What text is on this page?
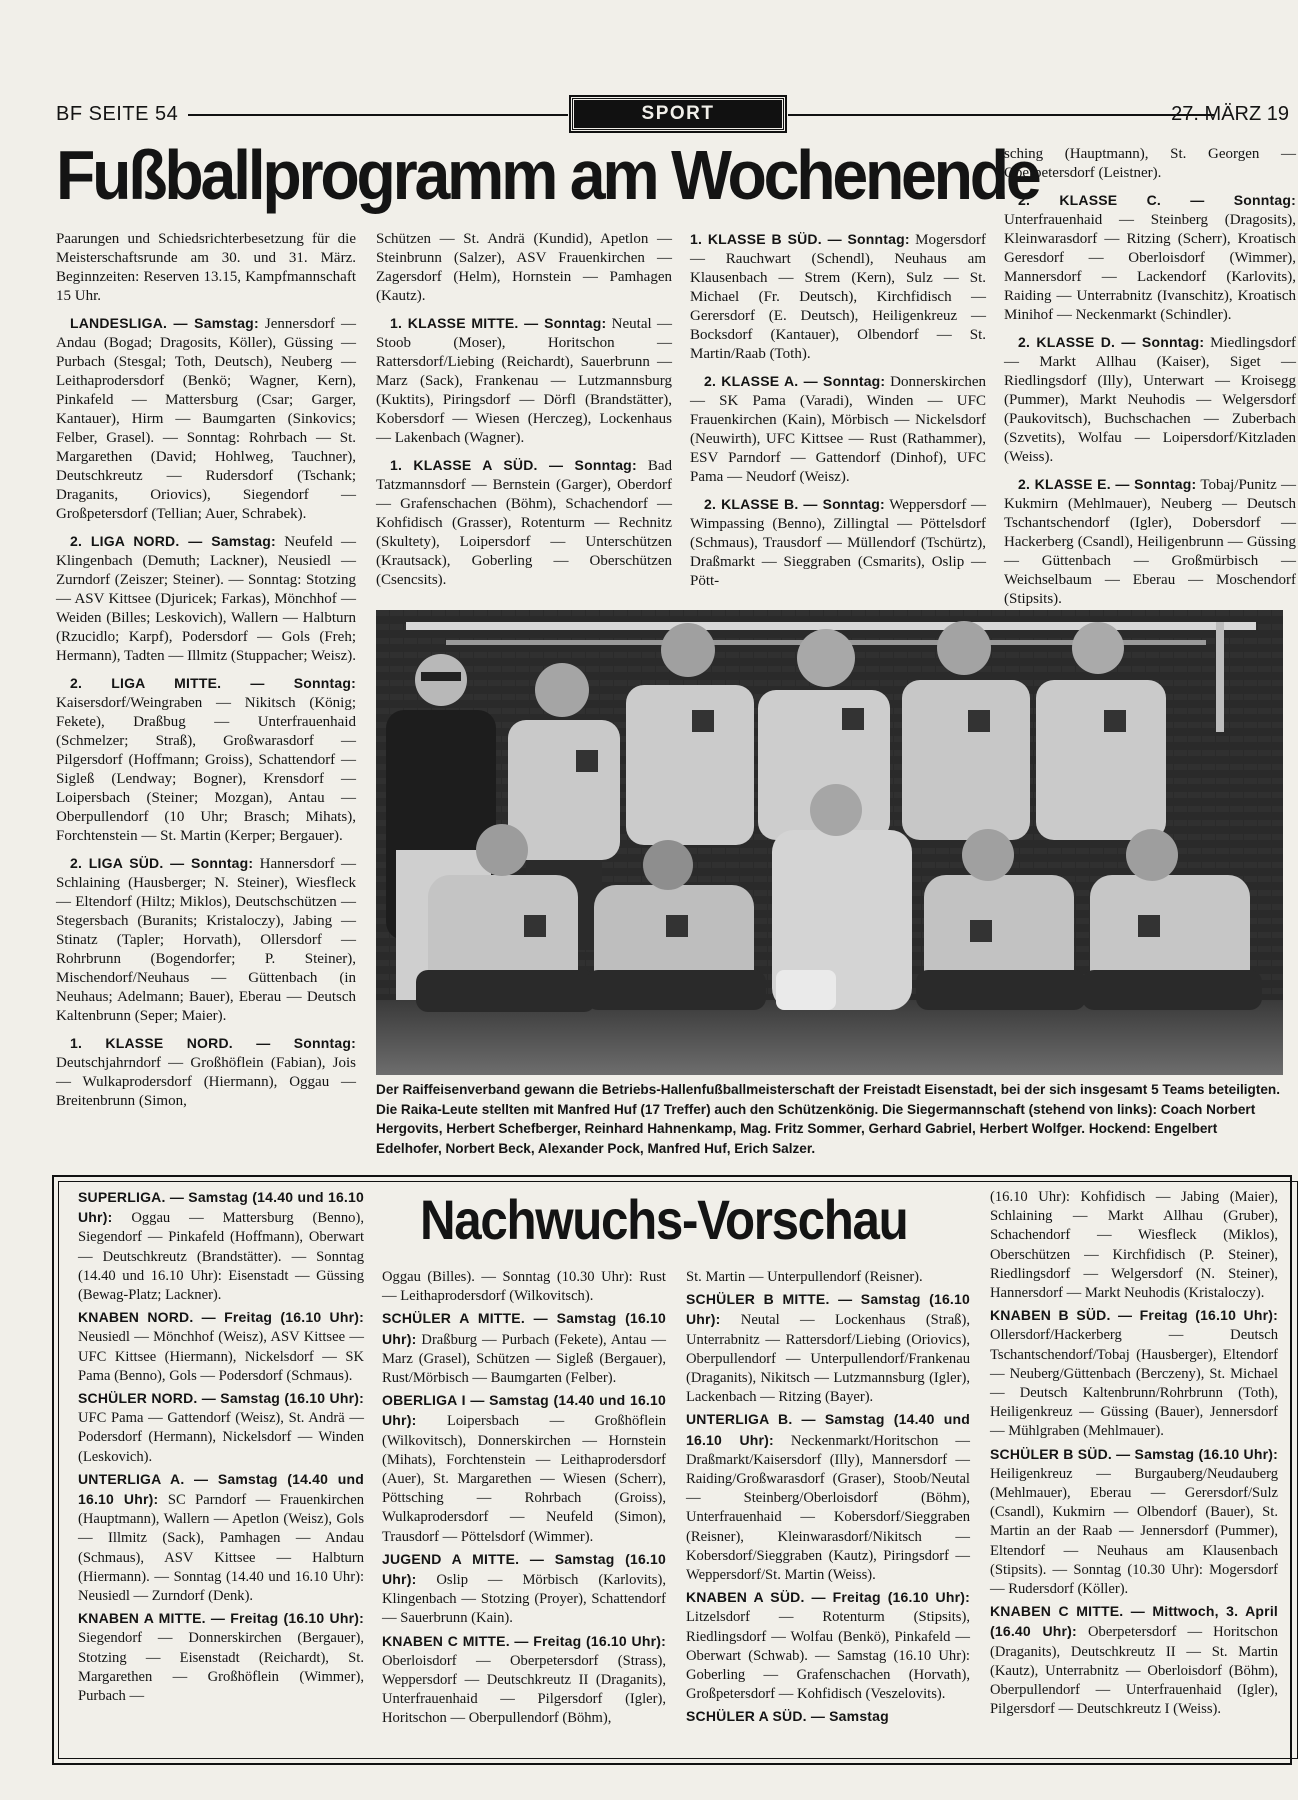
BF SEITE 54	SPORT	27. MÄRZ 19
Fußballprogramm am Wochenende

Paarungen und Schiedsrichterbesetzung für die Meisterschaftsrunde am 30. und 31. März. Beginnzeiten: Reserven 13.15, Kampfmannschaft 15 Uhr.

LANDESLIGA. — Samstag: Jennersdorf — Andau (Bogad; Dragosits, Köller), Güssing — Purbach (Stesgal; Toth, Deutsch), Neuberg — Leithaprodersdorf (Benkö; Wagner, Kern), Pinkafeld — Mattersburg (Csar; Garger, Kantauer), Hirm — Baumgarten (Sinkovics; Felber, Grasel). — Sonntag: Rohrbach — St. Margarethen (David; Hohlweg, Tauchner), Deutschkreutz — Rudersdorf (Tschank; Draganits, Oriovics), Siegendorf — Großpetersdorf (Tellian; Auer, Schrabek).

2. LIGA NORD. — Samstag: Neufeld — Klingenbach (Demuth; Lackner), Neusiedl — Zurndorf (Zeiszer; Steiner). — Sonntag: Stotzing — ASV Kittsee (Djuricek; Farkas), Mönchhof — Weiden (Billes; Leskovich), Wallern — Halbturn (Rzucidlo; Karpf), Podersdorf — Gols (Freh; Hermann), Tadten — Illmitz (Stuppacher; Weisz).

2. LIGA MITTE. — Sonntag: Kaisersdorf/Weingraben — Nikitsch (König; Fekete), Draßbug — Unterfrauenhaid (Schmelzer; Straß), Großwarasdorf — Pilgersdorf (Hoffmann; Groiss), Schattendorf — Sigleß (Lendway; Bogner), Krensdorf — Loipersbach (Steiner; Mozgan), Antau — Oberpullendorf (10 Uhr; Brasch; Mihats), Forchtenstein — St. Martin (Kerper; Bergauer).

2. LIGA SÜD. — Sonntag: Hannersdorf — Schlaining (Hausberger; N. Steiner), Wiesfleck — Eltendorf (Hiltz; Miklos), Deutschschützen — Stegersbach (Buranits; Kristaloczy), Jabing — Stinatz (Tapler; Horvath), Ollersdorf — Rohrbrunn (Bogendorfer; P. Steiner), Mischendorf/Neuhaus — Güttenbach (in Neuhaus; Adelmann; Bauer), Eberau — Deutsch Kaltenbrunn (Seper; Maier).

1. KLASSE NORD. — Sonntag: Deutschjahrndorf — Großhöflein (Fabian), Jois — Wulkaprodersdorf (Hiermann), Oggau — Breitenbrunn (Simon,

Schützen — St. Andrä (Kundid), Apetlon — Steinbrunn (Salzer), ASV Frauenkirchen — Zagersdorf (Helm), Hornstein — Pamhagen (Kautz).

1. KLASSE MITTE. — Sonntag: Neutal — Stoob (Moser), Horitschon — Rattersdorf/Liebing (Reichardt), Sauerbrunn — Marz (Sack), Frankenau — Lutzmannsburg (Kuktits), Piringsdorf — Dörfl (Brandstätter), Kobersdorf — Wiesen (Herczeg), Lockenhaus — Lakenbach (Wagner).

1. KLASSE A SÜD. — Sonntag: Bad Tatzmannsdorf — Bernstein (Garger), Oberdorf — Grafenschachen (Böhm), Schachendorf — Kohfidisch (Grasser), Rotenturm — Rechnitz (Skultety), Loipersdorf — Unterschützen (Krautsack), Goberling — Oberschützen (Csencsits).

1. KLASSE B SÜD. — Sonntag: Mogersdorf — Rauchwart (Schendl), Neuhaus am Klausenbach — Strem (Kern), Sulz — St. Michael (Fr. Deutsch), Kirchfidisch — Gerersdorf (E. Deutsch), Heiligenkreuz — Bocksdorf (Kantauer), Olbendorf — St. Martin/Raab (Toth).

2. KLASSE A. — Sonntag: Donnerskirchen — SK Pama (Varadi), Winden — UFC Frauenkirchen (Kain), Mörbisch — Nickelsdorf (Neuwirth), UFC Kittsee — Rust (Rathammer), ESV Parndorf — Gattendorf (Dinhof), UFC Pama — Neudorf (Weisz).

2. KLASSE B. — Sonntag: Weppersdorf — Wimpassing (Benno), Zillingtal — Pöttelsdorf (Schmaus), Trausdorf — Müllendorf (Tschürtz), Draßmarkt — Sieggraben (Csmarits), Oslip — Pött-

sching (Hauptmann), St. Georgen — Oberpetersdorf (Leistner).

2. KLASSE C. — Sonntag: Unterfrauenhaid — Steinberg (Dragosits), Kleinwarasdorf — Ritzing (Scherr), Kroatisch Geresdorf — Oberloisdorf (Wimmer), Mannersdorf — Lackendorf (Karlovits), Raiding — Unterrabnitz (Ivanschitz), Kroatisch Minihof — Neckenmarkt (Schindler).

2. KLASSE D. — Sonntag: Miedlingsdorf — Markt Allhau (Kaiser), Siget — Riedlingsdorf (Illy), Unterwart — Kroisegg (Pummer), Markt Neuhodis — Welgersdorf (Paukovitsch), Buchschachen — Zuberbach (Szvetits), Wolfau — Loipersdorf/Kitzladen (Weiss).

2. KLASSE E. — Sonntag: Tobaj/Punitz — Kukmirn (Mehlmauer), Neuberg — Deutsch Tschantschendorf (Igler), Dobersdorf — Hackerberg (Csandl), Heiligenbrunn — Güssing — Güttenbach — Großmürbisch — Weichselbaum — Eberau — Moschendorf (Stipsits).

Der Raiffeisenverband gewann die Betriebs-Hallenfußballmeisterschaft der Freistadt Eisenstadt, bei der sich insgesamt 5 Teams beteiligten. Die Raika-Leute stellten mit Manfred Huf (17 Treffer) auch den Schützenkönig. Die Siegermannschaft (stehend von links): Coach Norbert Hergovits, Herbert Schefberger, Reinhard Hahnenkamp, Mag. Fritz Sommer, Gerhard Gabriel, Herbert Wolfger. Hockend: Engelbert Edelhofer, Norbert Beck, Alexander Pock, Manfred Huf, Erich Salzer.
Nachwuchs-Vorschau

SUPERLIGA. — Samstag (14.40 und 16.10 Uhr): Oggau — Mattersburg (Benno), Siegendorf — Pinkafeld (Hoffmann), Oberwart — Deutschkreutz (Brandstätter). — Sonntag (14.40 und 16.10 Uhr): Eisenstadt — Güssing (Bewag-Platz; Lackner).

KNABEN NORD. — Freitag (16.10 Uhr): Neusiedl — Mönchhof (Weisz), ASV Kittsee — UFC Kittsee (Hiermann), Nickelsdorf — SK Pama (Benno), Gols — Podersdorf (Schmaus).

SCHÜLER NORD. — Samstag (16.10 Uhr): UFC Pama — Gattendorf (Weisz), St. Andrä — Podersdorf (Hermann), Nickelsdorf — Winden (Leskovich).

UNTERLIGA A. — Samstag (14.40 und 16.10 Uhr): SC Parndorf — Frauenkirchen (Hauptmann), Wallern — Apetlon (Weisz), Gols — Illmitz (Sack), Pamhagen — Andau (Schmaus), ASV Kittsee — Halbturn (Hiermann). — Sonntag (14.40 und 16.10 Uhr): Neusiedl — Zurndorf (Denk).

KNABEN A MITTE. — Freitag (16.10 Uhr): Siegendorf — Donnerskirchen (Bergauer), Stotzing — Eisenstadt (Reichardt), St. Margarethen — Großhöflein (Wimmer), Purbach —

Oggau (Billes). — Sonntag (10.30 Uhr): Rust — Leithaprodersdorf (Wilkovitsch).

SCHÜLER A MITTE. — Samstag (16.10 Uhr): Draßburg — Purbach (Fekete), Antau — Marz (Grasel), Schützen — Sigleß (Bergauer), Rust/Mörbisch — Baumgarten (Felber).

OBERLIGA I — Samstag (14.40 und 16.10 Uhr): Loipersbach — Großhöflein (Wilkovitsch), Donnerskirchen — Hornstein (Mihats), Forchtenstein — Leithaprodersdorf (Auer), St. Margarethen — Wiesen (Scherr), Pöttsching — Rohrbach (Groiss), Wulkaprodersdorf — Neufeld (Simon), Trausdorf — Pöttelsdorf (Wimmer).

JUGEND A MITTE. — Samstag (16.10 Uhr): Oslip — Mörbisch (Karlovits), Klingenbach — Stotzing (Proyer), Schattendorf — Sauerbrunn (Kain).

KNABEN C MITTE. — Freitag (16.10 Uhr): Oberloisdorf — Oberpetersdorf (Strass), Weppersdorf — Deutschkreutz II (Draganits), Unterfrauenhaid — Pilgersdorf (Igler), Horitschon — Oberpullendorf (Böhm),

St. Martin — Unterpullendorf (Reisner).

SCHÜLER B MITTE. — Samstag (16.10 Uhr): Neutal — Lockenhaus (Straß), Unterrabnitz — Rattersdorf/Liebing (Oriovics), Oberpullendorf — Unterpullendorf/Frankenau (Draganits), Nikitsch — Lutzmannsburg (Igler), Lackenbach — Ritzing (Bayer).

UNTERLIGA B. — Samstag (14.40 und 16.10 Uhr): Neckenmarkt/Horitschon — Draßmarkt/Kaisersdorf (Illy), Mannersdorf — Raiding/Großwarasdorf (Graser), Stoob/Neutal — Steinberg/Oberloisdorf (Böhm), Unterfrauenhaid — Kobersdorf/Sieggraben (Reisner), Kleinwarasdorf/Nikitsch — Kobersdorf/Sieggraben (Kautz), Piringsdorf — Weppersdorf/St. Martin (Weiss).

KNABEN A SÜD. — Freitag (16.10 Uhr): Litzelsdorf — Rotenturm (Stipsits), Riedlingsdorf — Wolfau (Benkö), Pinkafeld — Oberwart (Schwab). — Samstag (16.10 Uhr): Goberling — Grafenschachen (Horvath), Großpetersdorf — Kohfidisch (Veszelovits).

SCHÜLER A SÜD. — Samstag

(16.10 Uhr): Kohfidisch — Jabing (Maier), Schlaining — Markt Allhau (Gruber), Schachendorf — Wiesfleck (Miklos), Oberschützen — Kirchfidisch (P. Steiner), Riedlingsdorf — Welgersdorf (N. Steiner), Hannersdorf — Markt Neuhodis (Kristaloczy).

KNABEN B SÜD. — Freitag (16.10 Uhr): Ollersdorf/Hackerberg — Deutsch Tschantschendorf/Tobaj (Hausberger), Eltendorf — Neuberg/Güttenbach (Berczeny), St. Michael — Deutsch Kaltenbrunn/Rohrbrunn (Toth), Heiligenkreuz — Güssing (Bauer), Jennersdorf — Mühlgraben (Mehlmauer).

SCHÜLER B SÜD. — Samstag (16.10 Uhr): Heiligenkreuz — Burgauberg/Neudauberg (Mehlmauer), Eberau — Gerersdorf/Sulz (Csandl), Kukmirn — Olbendorf (Bauer), St. Martin an der Raab — Jennersdorf (Pummer), Eltendorf — Neuhaus am Klausenbach (Stipsits). — Sonntag (10.30 Uhr): Mogersdorf — Rudersdorf (Köller).

KNABEN C MITTE. — Mittwoch, 3. April (16.40 Uhr): Oberpetersdorf — Horitschon (Draganits), Deutschkreutz II — St. Martin (Kautz), Unterrabnitz — Oberloisdorf (Böhm), Oberpullendorf — Unterfrauenhaid (Igler), Pilgersdorf — Deutschkreutz I (Weiss).
